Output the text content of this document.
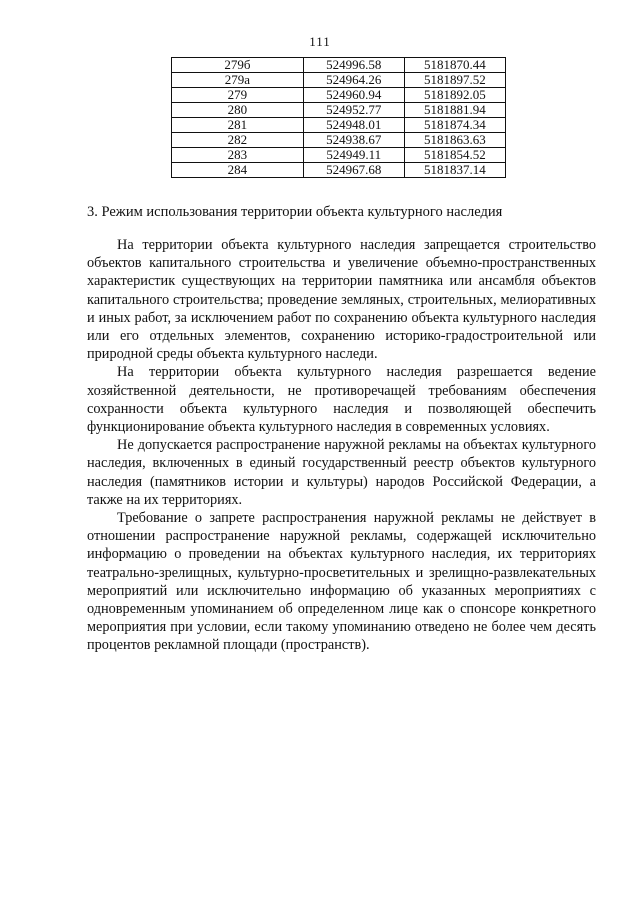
111
279б	524996.58	5181870.44
279а	524964.26	5181897.52
279	524960.94	5181892.05
280	524952.77	5181881.94
281	524948.01	5181874.34
282	524938.67	5181863.63
283	524949.11	5181854.52
284	524967.68	5181837.14
3. Режим использования территории объекта культурного наследия

На территории объекта культурного наследия запрещается строительство объектов капитального строительства и увеличение объемно-пространственных характеристик существующих на территории памятника или ансамбля объектов капитального строительства; проведение земляных, строительных, мелиоративных и иных работ, за исключением работ по сохранению объекта культурного наследия или его отдельных элементов, сохранению историко-градостроительной или природной среды объекта культурного наследи.

На территории объекта культурного наследия разрешается ведение хозяйственной деятельности, не противоречащей требованиям обеспечения сохранности объекта культурного наследия и позволяющей обеспечить функционирование объекта культурного наследия в современных условиях.

Не допускается распространение наружной рекламы на объектах культурного наследия, включенных в единый государственный реестр объектов культурного наследия (памятников истории и культуры) народов Российской Федерации, а также на их территориях.

Требование о запрете распространения наружной рекламы не действует в отношении распространение наружной рекламы, содержащей исключительно информацию о проведении на объектах культурного наследия, их территориях театрально-зрелищных, культурно-просветительных и зрелищно-развлекательных мероприятий или исключительно информацию об указанных мероприятиях с одновременным упоминанием об определенном лице как о спонсоре конкретного мероприятия при условии, если такому упоминанию отведено не более чем десять процентов рекламной площади (пространств).
